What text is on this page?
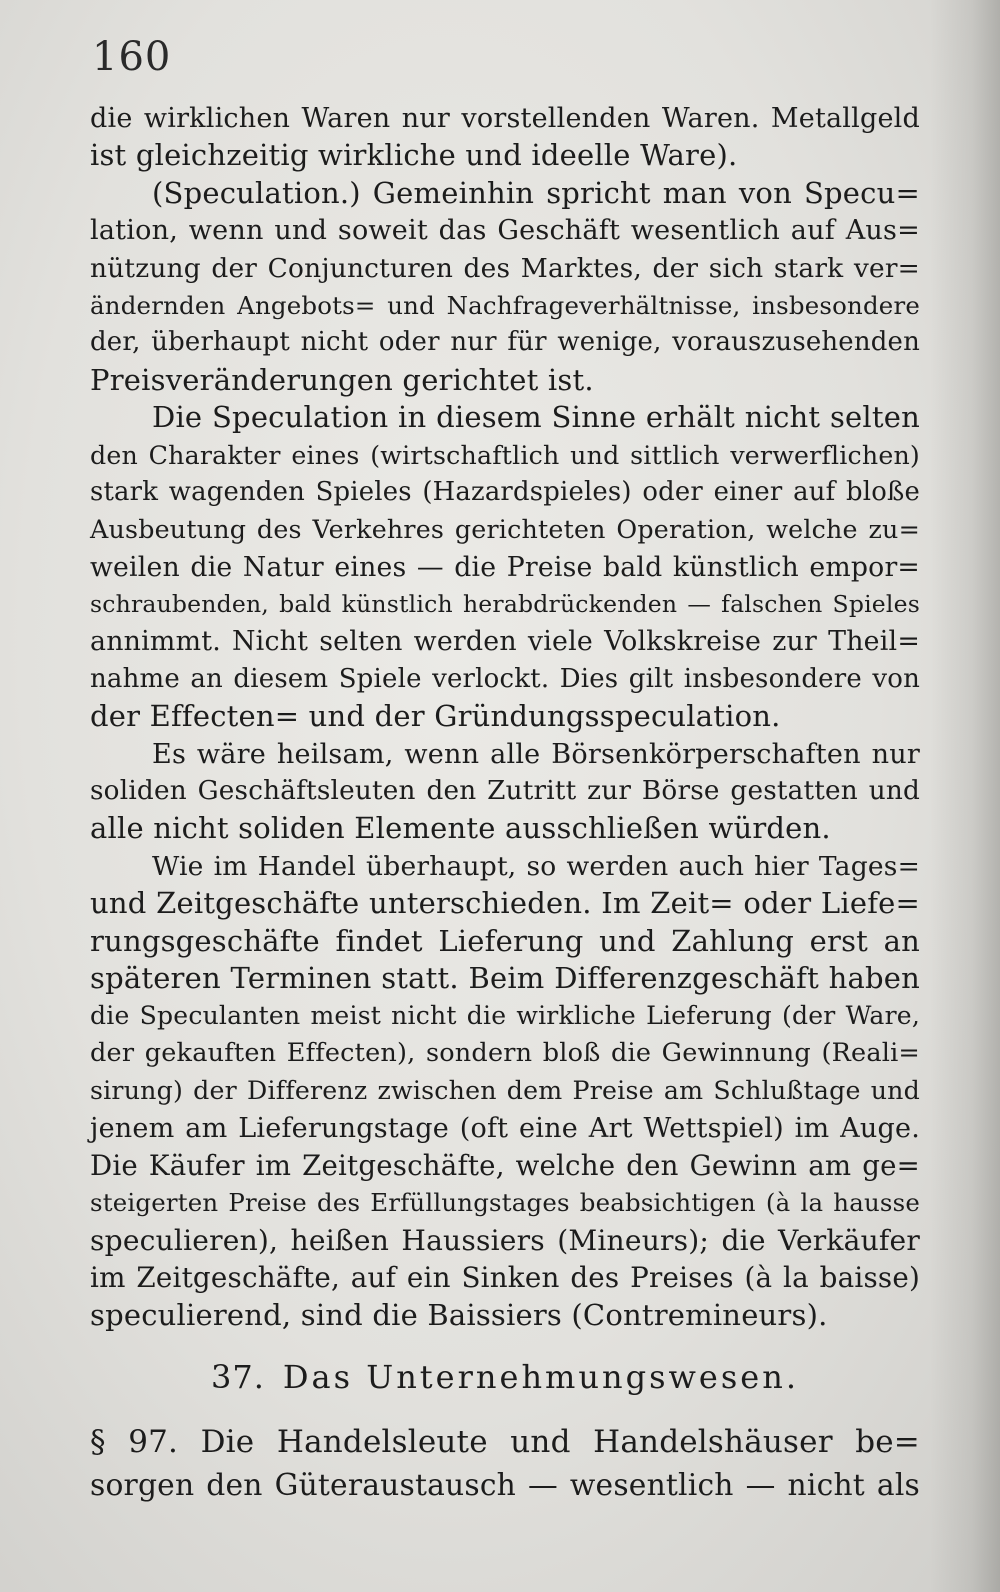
160
die wirklichen Waren nur vorstellenden Waren. Metallgeld
ist gleichzeitig wirkliche und ideelle Ware).
(Speculation.) Gemeinhin spricht man von Specu=
lation, wenn und soweit das Geschäft wesentlich auf Aus=
nützung der Conjuncturen des Marktes, der sich stark ver=
ändernden Angebots= und Nachfrageverhältnisse, insbesondere
der, überhaupt nicht oder nur für wenige, vorauszusehenden
Preisveränderungen gerichtet ist.
Die Speculation in diesem Sinne erhält nicht selten
den Charakter eines (wirtschaftlich und sittlich verwerflichen)
stark wagenden Spieles (Hazardspieles) oder einer auf bloße
Ausbeutung des Verkehres gerichteten Operation, welche zu=
weilen die Natur eines — die Preise bald künstlich empor=
schraubenden, bald künstlich herabdrückenden — falschen Spieles
annimmt. Nicht selten werden viele Volkskreise zur Theil=
nahme an diesem Spiele verlockt. Dies gilt insbesondere von
der Effecten= und der Gründungsspeculation.
Es wäre heilsam, wenn alle Börsenkörperschaften nur
soliden Geschäftsleuten den Zutritt zur Börse gestatten und
alle nicht soliden Elemente ausschließen würden.
Wie im Handel überhaupt, so werden auch hier Tages=
und Zeitgeschäfte unterschieden. Im Zeit= oder Liefe=
rungsgeschäfte findet Lieferung und Zahlung erst an
späteren Terminen statt. Beim Differenzgeschäft haben
die Speculanten meist nicht die wirkliche Lieferung (der Ware,
der gekauften Effecten), sondern bloß die Gewinnung (Reali=
sirung) der Differenz zwischen dem Preise am Schlußtage und
jenem am Lieferungstage (oft eine Art Wettspiel) im Auge.
Die Käufer im Zeitgeschäfte, welche den Gewinn am ge=
steigerten Preise des Erfüllungstages beabsichtigen (à la hausse
speculieren), heißen Haussiers (Mineurs); die Verkäufer
im Zeitgeschäfte, auf ein Sinken des Preises (à la baisse)
speculierend, sind die Baissiers (Contremineurs).
37. Das Unternehmungswesen.
§ 97. Die Handelsleute und Handelshäuser be=
sorgen den Güteraustausch — wesentlich — nicht als
